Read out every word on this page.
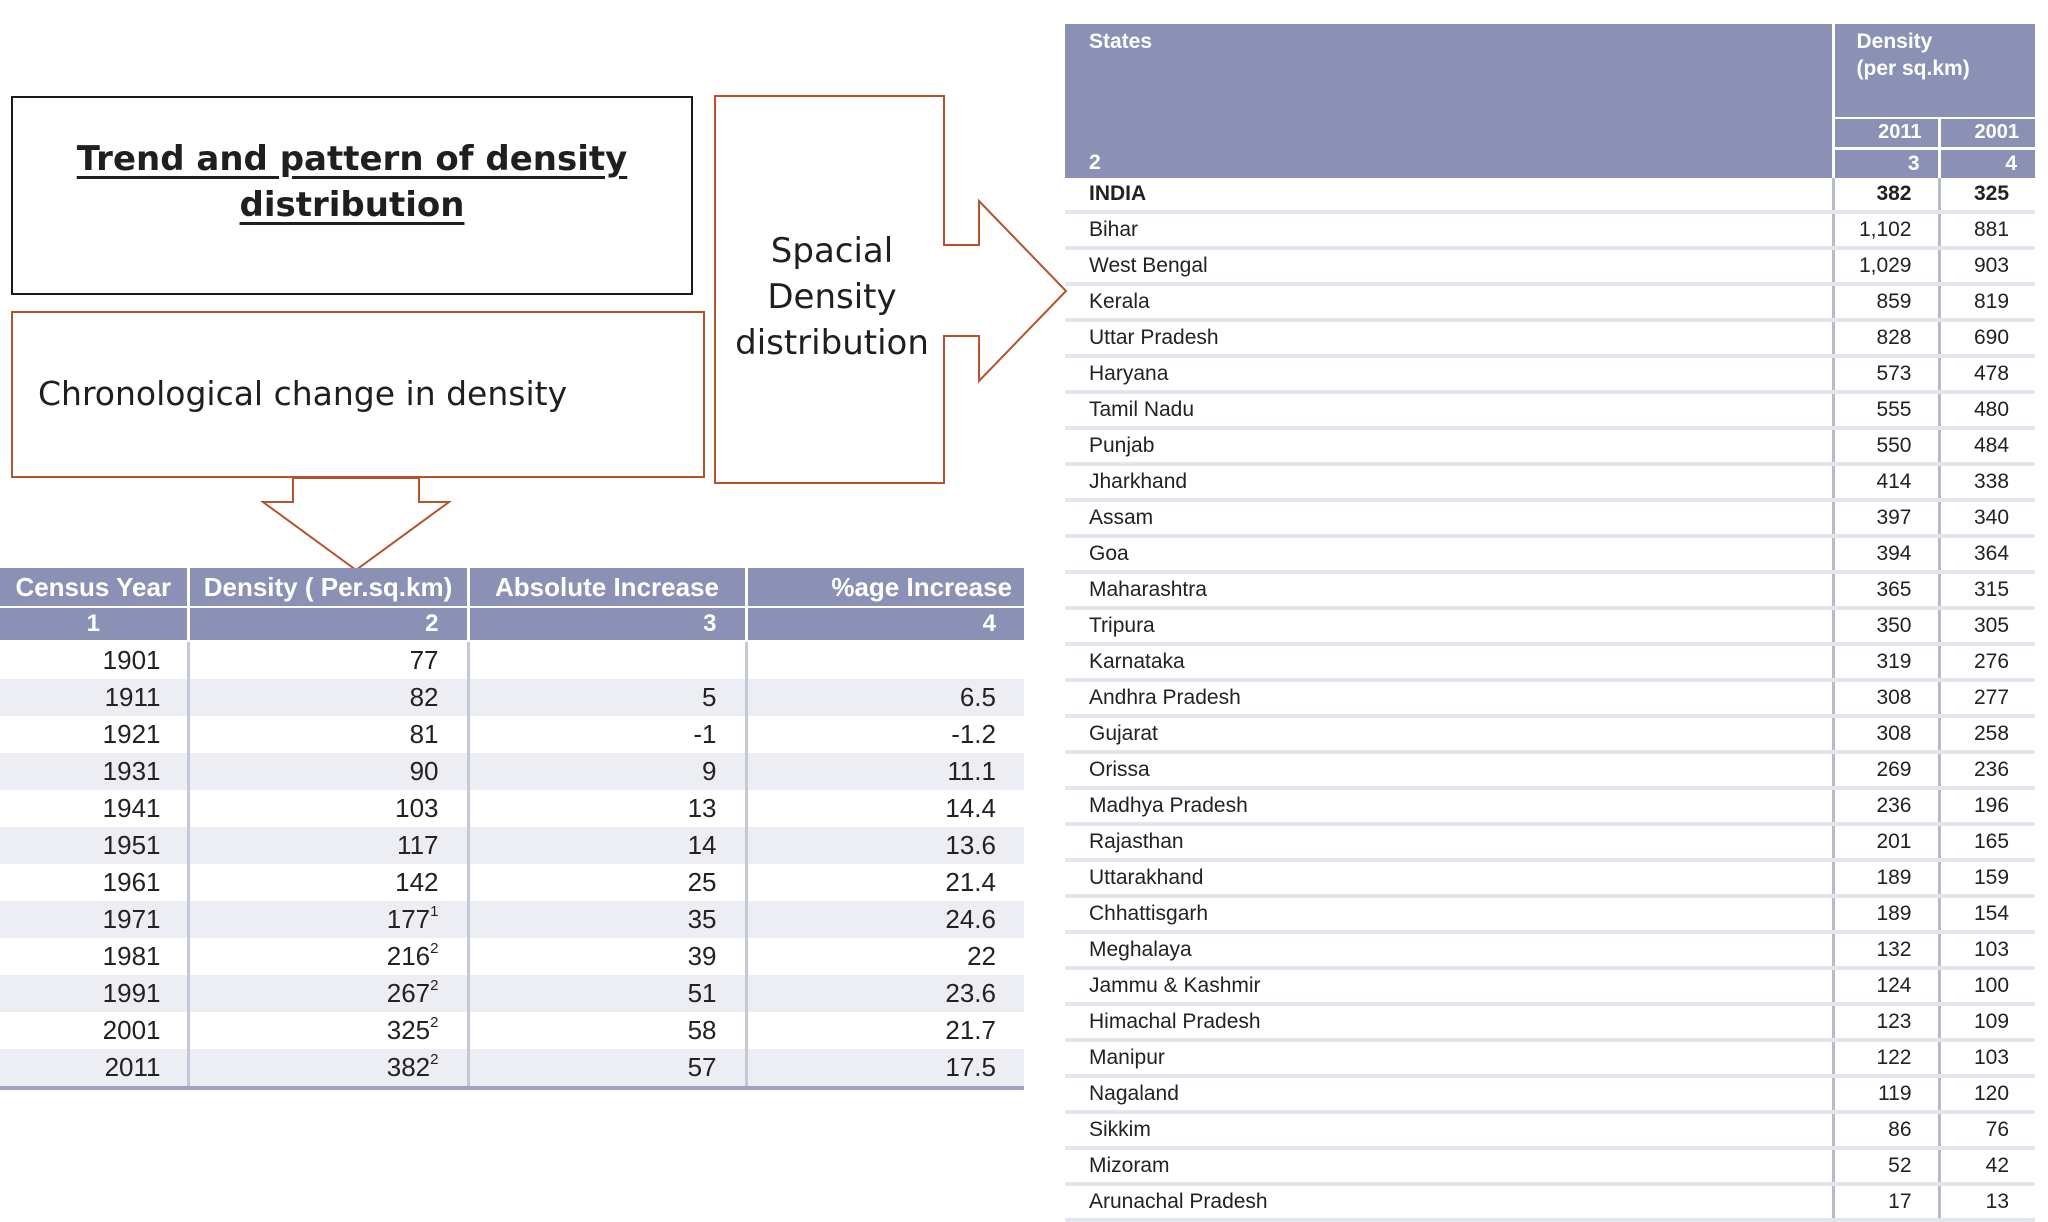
Trend and pattern of density distribution
Chronological change in density
Spacial
Density
distribution
Census Year	Density ( Per.sq.km)	Absolute Increase	%age Increase
1	2	3	4
1901	77		
1911	82	5	6.5
1921	81	-1	-1.2
1931	90	9	11.1
1941	103	13	14.4
1951	117	14	13.6
1961	142	25	21.4
1971	$177^1$	35	24.6
1981	$216^2$	39	22
1991	$267^2$	51	23.6
2001	$325^2$	58	21.7
2011	$382^2$	57	17.5
States	Density
(per sq.km)	

	2011	2001
2	3	4
INDIA	382	325
Bihar	1,102	881
West Bengal	1,029	903
Kerala	859	819
Uttar Pradesh	828	690
Haryana	573	478
Tamil Nadu	555	480
Punjab	550	484
Jharkhand	414	338
Assam	397	340
Goa	394	364
Maharashtra	365	315
Tripura	350	305
Karnataka	319	276
Andhra Pradesh	308	277
Gujarat	308	258
Orissa	269	236
Madhya Pradesh	236	196
Rajasthan	201	165
Uttarakhand	189	159
Chhattisgarh	189	154
Meghalaya	132	103
Jammu & Kashmir	124	100
Himachal Pradesh	123	109
Manipur	122	103
Nagaland	119	120
Sikkim	86	76
Mizoram	52	42
Arunachal Pradesh	17	13
